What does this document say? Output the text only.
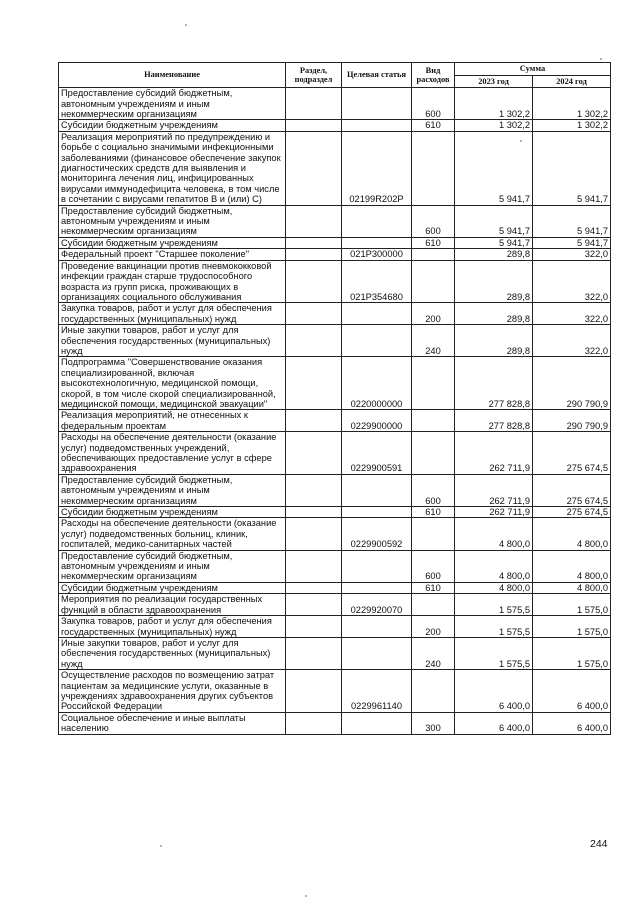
Наименование	Раздел, подраздел	Целевая статья	Вид расходов	Сумма	
				2023 год	2024 год
Предоставление субсидий бюджетным, автономным учреждениям и иным некоммерческим организациям			600	1 302,2	1 302,2
Субсидии бюджетным учреждениям			610	1 302,2	1 302,2
Реализация мероприятий по предупреждению и борьбе с социально значимыми инфекционными заболеваниями (финансовое обеспечение закупок диагностических средств для выявления и мониторинга лечения лиц, инфицированных вирусами иммунодефицита человека, в том числе в сочетании с вирусами гепатитов В и (или) С)		02199R202P		5 941,7	5 941,7
Предоставление субсидий бюджетным, автономным учреждениям и иным некоммерческим организациям			600	5 941,7	5 941,7
Субсидии бюджетным учреждениям			610	5 941,7	5 941,7
Федеральный проект "Старшее поколение"		021P300000		289,8	322,0
Проведение вакцинации против пневмококковой инфекции граждан старше трудоспособного возраста из групп риска, проживающих в организациях социального обслуживания		021P354680		289,8	322,0
Закупка товаров, работ и услуг для обеспечения государственных (муниципальных) нужд			200	289,8	322,0
Иные закупки товаров, работ и услуг для обеспечения государственных (муниципальных) нужд			240	289,8	322,0
Подпрограмма "Совершенствование оказания специализированной, включая высокотехнологичную, медицинской помощи, скорой, в том числе скорой специализированной, медицинской помощи, медицинской эвакуации"		0220000000		277 828,8	290 790,9
Реализация мероприятий, не отнесенных к федеральным проектам		0229900000		277 828,8	290 790,9
Расходы на обеспечение деятельности (оказание услуг) подведомственных учреждений, обеспечивающих предоставление услуг в сфере здравоохранения		0229900591		262 711,9	275 674,5
Предоставление субсидий бюджетным, автономным учреждениям и иным некоммерческим организациям			600	262 711,9	275 674,5
Субсидии бюджетным учреждениям			610	262 711,9	275 674,5
Расходы на обеспечение деятельности (оказание услуг) подведомственных больниц, клиник, госпиталей, медико-санитарных частей		0229900592		4 800,0	4 800,0
Предоставление субсидий бюджетным, автономным учреждениям и иным некоммерческим организациям			600	4 800,0	4 800,0
Субсидии бюджетным учреждениям			610	4 800,0	4 800,0
Мероприятия по реализации государственных функций в области здравоохранения		0229920070		1 575,5	1 575,0
Закупка товаров, работ и услуг для обеспечения государственных (муниципальных) нужд			200	1 575,5	1 575,0
Иные закупки товаров, работ и услуг для обеспечения государственных (муниципальных) нужд			240	1 575,5	1 575,0
Осуществление расходов по возмещению затрат пациентам за медицинские услуги, оказанные в учреждениях здравоохранения других субъектов Российской Федерации		0229961140		6 400,0	6 400,0
Социальное обеспечение и иные выплаты населению			300	6 400,0	6 400,0
244
